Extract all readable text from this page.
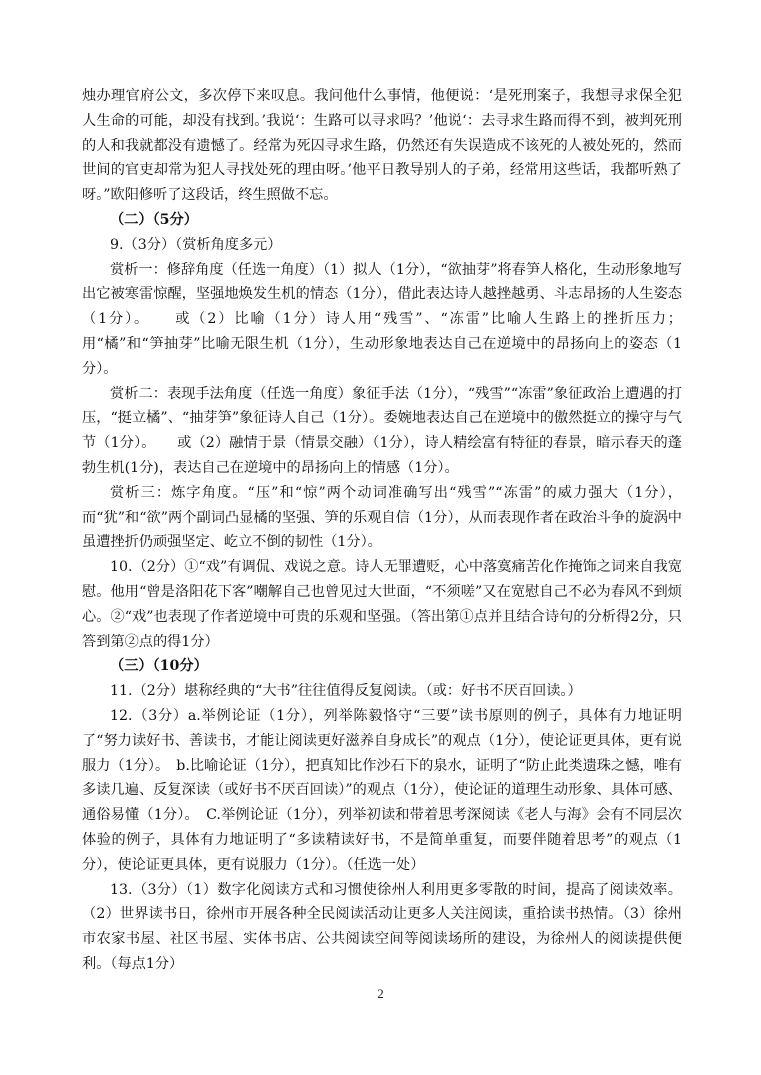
烛办理官府公文，多次停下来叹息。我问他什么事情，他便说：‘是死刑案子，我想寻求保全犯人生命的可能，却没有找到。’我说‘：生路可以寻求吗？’他说‘：去寻求生路而得不到，被判死刑的人和我就都没有遗憾了。经常为死囚寻求生路，仍然还有失误造成不该死的人被处死的，然而世间的官吏却常为犯人寻找处死的理由呀。’他平日教导别人的子弟，经常用这些话，我都听熟了呀。”欧阳修听了这段话，终生照做不忘。

（二）（5分）

9.（3分）（赏析角度多元）

赏析一：修辞角度（任选一角度）（1）拟人（1分），“欲抽芽”将春笋人格化，生动形象地写出它被寒雷惊醒，坚强地焕发生机的情态（1分），借此表达诗人越挫越勇、斗志昂扬的人生姿态（1分）。　　或（2）比喻（1分）诗人用“残雪”、“冻雷”比喻人生路上的挫折压力；用“橘”和“笋抽芽”比喻无限生机（1分），生动形象地表达自己在逆境中的昂扬向上的姿态（1分）。

赏析二：表现手法角度（任选一角度）象征手法（1分），“残雪”“冻雷”象征政治上遭遇的打压，“挺立橘”、“抽芽笋”象征诗人自己（1分）。委婉地表达自己在逆境中的傲然挺立的操守与气节（1分）。　　或（2）融情于景（情景交融）（1分），诗人精绘富有特征的春景，暗示春天的蓬勃生机(1分)，表达自己在逆境中的昂扬向上的情感（1分）。

赏析三：炼字角度。“压”和“惊”两个动词准确写出“残雪”“冻雷”的威力强大（1分），而“犹”和“欲”两个副词凸显橘的坚强、笋的乐观自信（1分），从而表现作者在政治斗争的旋涡中虽遭挫折仍顽强坚定、屹立不倒的韧性（1分）。

10.（2分）①“戏”有调侃、戏说之意。诗人无罪遭贬，心中落寞痛苦化作掩饰之词来自我宽慰。他用“曾是洛阳花下客”嘲解自己也曾见过大世面，“不须嗟”又在宽慰自己不必为春风不到烦心。②“戏”也表现了作者逆境中可贵的乐观和坚强。（答出第①点并且结合诗句的分析得2分，只答到第②点的得1分）

（三）（10分）

11.（2分）堪称经典的“大书”往往值得反复阅读。（或：好书不厌百回读。）

12.（3分）a.举例论证（1分），列举陈毅恪守“三要”读书原则的例子，具体有力地证明了“努力读好书、善读书，才能让阅读更好滋养自身成长”的观点（1分），使论证更具体，更有说服力（1分）。　b.比喻论证（1分），把真知比作沙石下的泉水，证明了“防止此类遗珠之憾，唯有多读几遍、反复深读（或好书不厌百回读）”的观点（1分），使论证的道理生动形象、具体可感、通俗易懂（1分）。　C.举例论证（1分），列举初读和带着思考深阅读《老人与海》会有不同层次体验的例子，具体有力地证明了“多读精读好书，不是简单重复，而要伴随着思考”的观点（1分），使论证更具体，更有说服力（1分）。（任选一处）

13.（3分）（1）数字化阅读方式和习惯使徐州人利用更多零散的时间，提高了阅读效率。（2）世界读书日，徐州市开展各种全民阅读活动让更多人关注阅读，重拾读书热情。（3）徐州市农家书屋、社区书屋、实体书店、公共阅读空间等阅读场所的建设，为徐州人的阅读提供便利。（每点1分）

2
